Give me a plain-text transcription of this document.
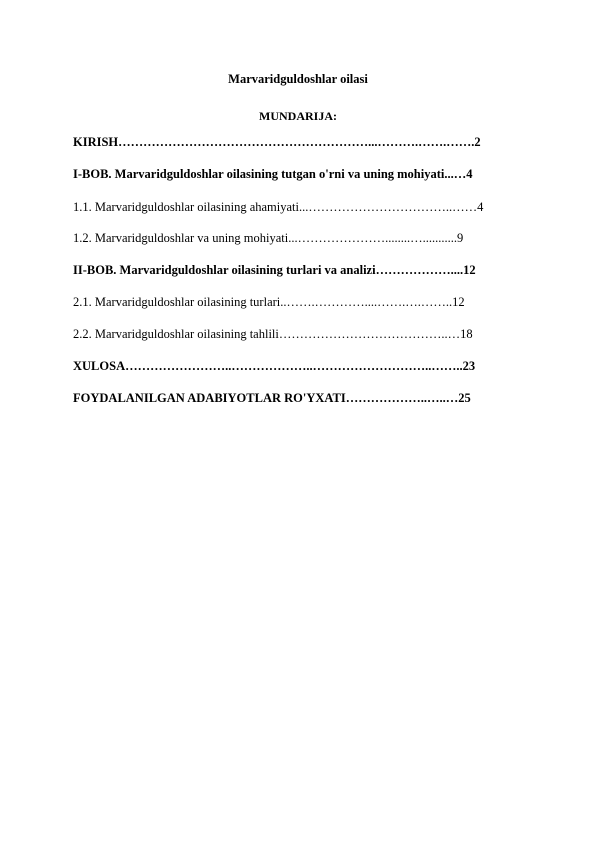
Marvaridguldoshlar oilasi
MUNDARIJA:
KIRISH……………………………………………………...……….…….…….2
I-BOB. Marvaridguldoshlar oilasining tutgan o'rni va uning mohiyati...…4
1.1. Marvaridguldoshlar oilasining ahamiyati...……………………………..……4
1.2. Marvaridguldoshlar va uning mohiyati...…………………........…...........9
II-BOB. Marvaridguldoshlar oilasining turlari va analizi………………....12
2.1. Marvaridguldoshlar oilasining turlari..…….…………....…….….……..12
2.2. Marvaridguldoshlar oilasining tahlili…………………………………..…18
XULOSA……………………..………………..………………………..……..23
FOYDALANILGAN ADABIYOTLAR RO'YXATI………………..…..…25
